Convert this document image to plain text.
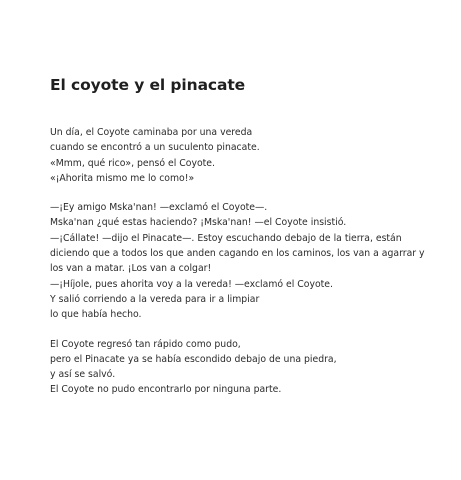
El coyote y el pinacate
Un día, el Coyote caminaba por una vereda
cuando se encontró a un suculento pinacate.
«Mmm, qué rico», pensó el Coyote.
«¡Ahorita mismo me lo como!»
—¡Ey amigo Mska'nan! —exclamó el Coyote—.
Mska'nan ¿qué estas haciendo? ¡Mska'nan! —el Coyote insistió.
—¡Cállate! —dijo el Pinacate—. Estoy escuchando debajo de la tierra, están
diciendo que a todos los que anden cagando en los caminos, los van a agarrar y
los van a matar. ¡Los van a colgar!
—¡Híjole, pues ahorita voy a la vereda! —exclamó el Coyote.
Y salió corriendo a la vereda para ir a limpiar
lo que había hecho.
El Coyote regresó tan rápido como pudo,
pero el Pinacate ya se había escondido debajo de una piedra,
y así se salvó.
El Coyote no pudo encontrarlo por ninguna parte.
